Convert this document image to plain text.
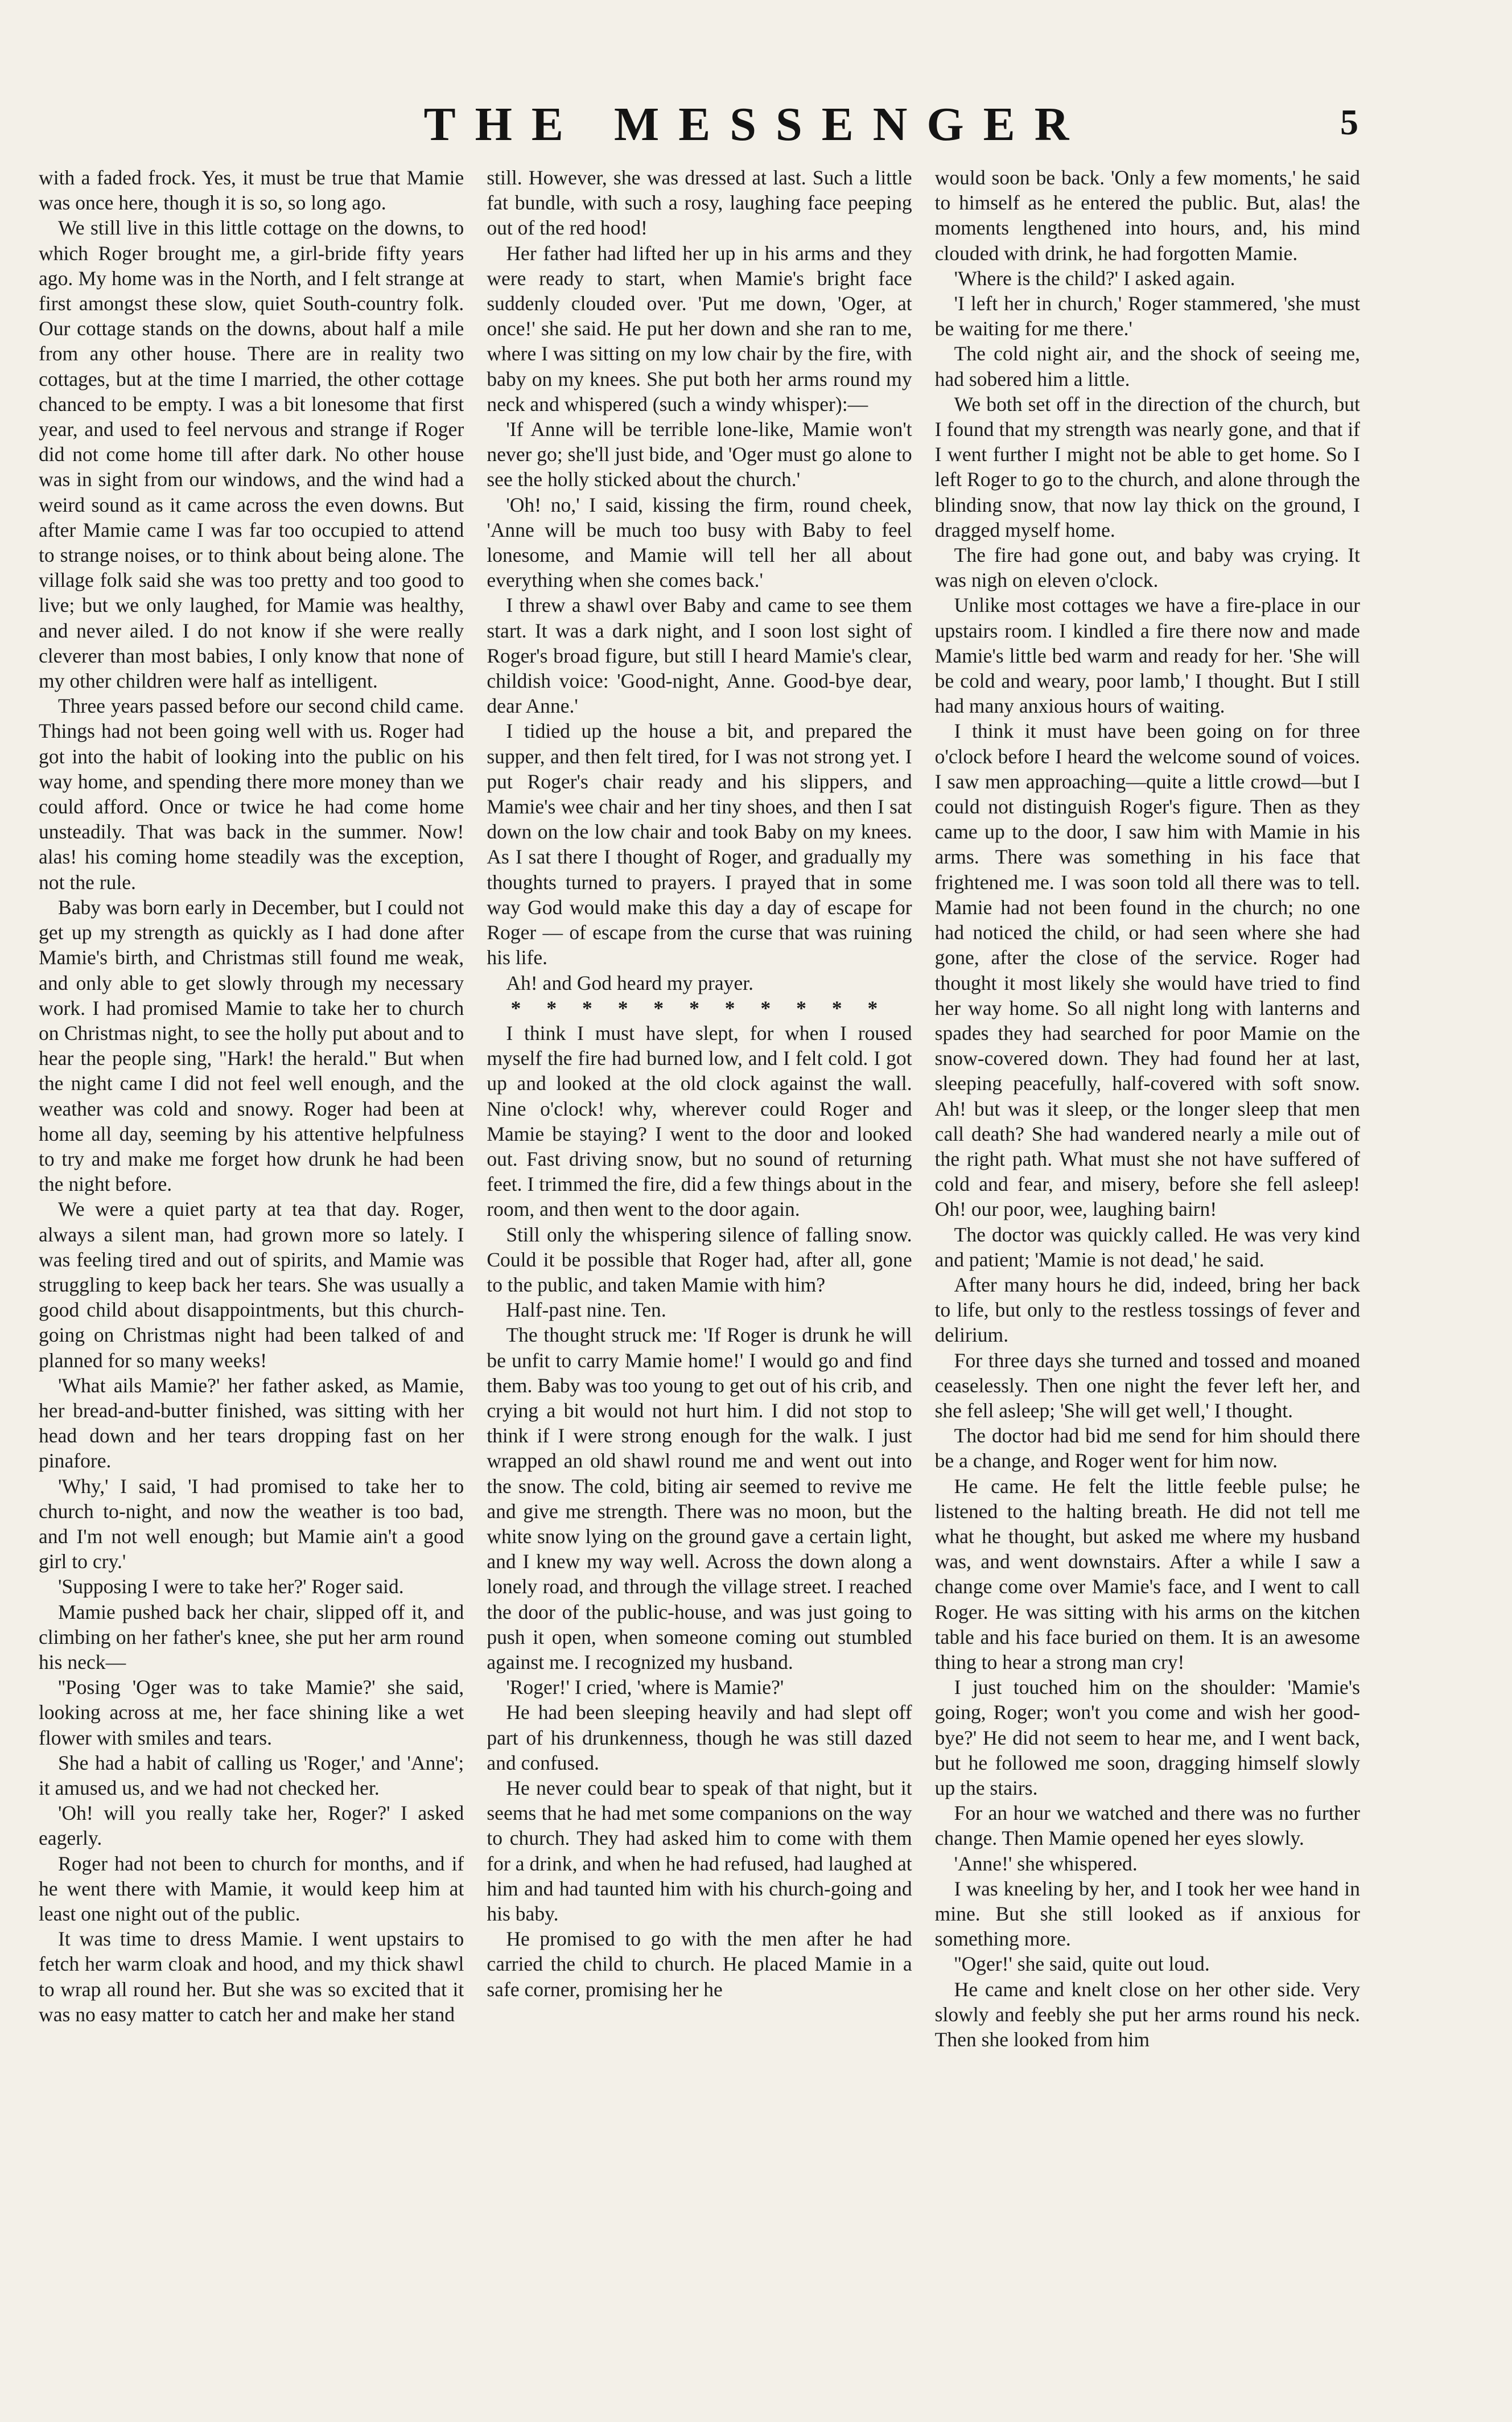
THE MESSENGER	5

with a faded frock. Yes, it must be true that Mamie was once here, though it is so, so long ago.

We still live in this little cottage on the downs, to which Roger brought me, a girl-bride fifty years ago. My home was in the North, and I felt strange at first amongst these slow, quiet South-country folk. Our cottage stands on the downs, about half a mile from any other house. There are in reality two cottages, but at the time I married, the other cottage chanced to be empty. I was a bit lonesome that first year, and used to feel nervous and strange if Roger did not come home till after dark. No other house was in sight from our windows, and the wind had a weird sound as it came across the even downs. But after Mamie came I was far too occupied to attend to strange noises, or to think about being alone. The village folk said she was too pretty and too good to live; but we only laughed, for Mamie was healthy, and never ailed. I do not know if she were really cleverer than most babies, I only know that none of my other children were half as intelligent.

Three years passed before our second child came. Things had not been going well with us. Roger had got into the habit of looking into the public on his way home, and spending there more money than we could afford. Once or twice he had come home unsteadily. That was back in the summer. Now! alas! his coming home steadily was the exception, not the rule.

Baby was born early in December, but I could not get up my strength as quickly as I had done after Mamie's birth, and Christmas still found me weak, and only able to get slowly through my necessary work. I had promised Mamie to take her to church on Christmas night, to see the holly put about and to hear the people sing, "Hark! the herald." But when the night came I did not feel well enough, and the weather was cold and snowy. Roger had been at home all day, seeming by his attentive helpfulness to try and make me forget how drunk he had been the night before.

We were a quiet party at tea that day. Roger, always a silent man, had grown more so lately. I was feeling tired and out of spirits, and Mamie was struggling to keep back her tears. She was usually a good child about disappointments, but this church-going on Christmas night had been talked of and planned for so many weeks!

'What ails Mamie?' her father asked, as Mamie, her bread-and-butter finished, was sitting with her head down and her tears dropping fast on her pinafore.

'Why,' I said, 'I had promised to take her to church to-night, and now the weather is too bad, and I'm not well enough; but Mamie ain't a good girl to cry.'

'Supposing I were to take her?' Roger said.

Mamie pushed back her chair, slipped off it, and climbing on her father's knee, she put her arm round his neck—

''Posing 'Oger was to take Mamie?' she said, looking across at me, her face shining like a wet flower with smiles and tears.

She had a habit of calling us 'Roger,' and 'Anne'; it amused us, and we had not checked her.

'Oh! will you really take her, Roger?' I asked eagerly.

Roger had not been to church for months, and if he went there with Mamie, it would keep him at least one night out of the public.

It was time to dress Mamie. I went upstairs to fetch her warm cloak and hood, and my thick shawl to wrap all round her. But she was so excited that it was no easy matter to catch her and make her stand

still. However, she was dressed at last. Such a little fat bundle, with such a rosy, laughing face peeping out of the red hood!

Her father had lifted her up in his arms and they were ready to start, when Mamie's bright face suddenly clouded over. 'Put me down, 'Oger, at once!' she said. He put her down and she ran to me, where I was sitting on my low chair by the fire, with baby on my knees. She put both her arms round my neck and whispered (such a windy whisper):—

'If Anne will be terrible lone-like, Mamie won't never go; she'll just bide, and 'Oger must go alone to see the holly sticked about the church.'

'Oh! no,' I said, kissing the firm, round cheek, 'Anne will be much too busy with Baby to feel lonesome, and Mamie will tell her all about everything when she comes back.'

I threw a shawl over Baby and came to see them start. It was a dark night, and I soon lost sight of Roger's broad figure, but still I heard Mamie's clear, childish voice: 'Good-night, Anne. Good-bye dear, dear Anne.'

I tidied up the house a bit, and prepared the supper, and then felt tired, for I was not strong yet. I put Roger's chair ready and his slippers, and Mamie's wee chair and her tiny shoes, and then I sat down on the low chair and took Baby on my knees. As I sat there I thought of Roger, and gradually my thoughts turned to prayers. I prayed that in some way God would make this day a day of escape for Roger — of escape from the curse that was ruining his life.

Ah! and God heard my prayer.

* * * * * * * * * * *

I think I must have slept, for when I roused myself the fire had burned low, and I felt cold. I got up and looked at the old clock against the wall. Nine o'clock! why, wherever could Roger and Mamie be staying? I went to the door and looked out. Fast driving snow, but no sound of returning feet. I trimmed the fire, did a few things about in the room, and then went to the door again.

Still only the whispering silence of falling snow. Could it be possible that Roger had, after all, gone to the public, and taken Mamie with him?

Half-past nine. Ten.

The thought struck me: 'If Roger is drunk he will be unfit to carry Mamie home!' I would go and find them. Baby was too young to get out of his crib, and crying a bit would not hurt him. I did not stop to think if I were strong enough for the walk. I just wrapped an old shawl round me and went out into the snow. The cold, biting air seemed to revive me and give me strength. There was no moon, but the white snow lying on the ground gave a certain light, and I knew my way well. Across the down along a lonely road, and through the village street. I reached the door of the public-house, and was just going to push it open, when someone coming out stumbled against me. I recognized my husband.

'Roger!' I cried, 'where is Mamie?'

He had been sleeping heavily and had slept off part of his drunkenness, though he was still dazed and confused.

He never could bear to speak of that night, but it seems that he had met some companions on the way to church. They had asked him to come with them for a drink, and when he had refused, had laughed at him and had taunted him with his church-going and his baby.

He promised to go with the men after he had carried the child to church. He placed Mamie in a safe corner, promising her he

would soon be back. 'Only a few moments,' he said to himself as he entered the public. But, alas! the moments lengthened into hours, and, his mind clouded with drink, he had forgotten Mamie.

'Where is the child?' I asked again.

'I left her in church,' Roger stammered, 'she must be waiting for me there.'

The cold night air, and the shock of seeing me, had sobered him a little.

We both set off in the direction of the church, but I found that my strength was nearly gone, and that if I went further I might not be able to get home. So I left Roger to go to the church, and alone through the blinding snow, that now lay thick on the ground, I dragged myself home.

The fire had gone out, and baby was crying. It was nigh on eleven o'clock.

Unlike most cottages we have a fire-place in our upstairs room. I kindled a fire there now and made Mamie's little bed warm and ready for her. 'She will be cold and weary, poor lamb,' I thought. But I still had many anxious hours of waiting.

I think it must have been going on for three o'clock before I heard the welcome sound of voices. I saw men approaching—quite a little crowd—but I could not distinguish Roger's figure. Then as they came up to the door, I saw him with Mamie in his arms. There was something in his face that frightened me. I was soon told all there was to tell. Mamie had not been found in the church; no one had noticed the child, or had seen where she had gone, after the close of the service. Roger had thought it most likely she would have tried to find her way home. So all night long with lanterns and spades they had searched for poor Mamie on the snow-covered down. They had found her at last, sleeping peacefully, half-covered with soft snow. Ah! but was it sleep, or the longer sleep that men call death? She had wandered nearly a mile out of the right path. What must she not have suffered of cold and fear, and misery, before she fell asleep! Oh! our poor, wee, laughing bairn!

The doctor was quickly called. He was very kind and patient; 'Mamie is not dead,' he said.

After many hours he did, indeed, bring her back to life, but only to the restless tossings of fever and delirium.

For three days she turned and tossed and moaned ceaselessly. Then one night the fever left her, and she fell asleep; 'She will get well,' I thought.

The doctor had bid me send for him should there be a change, and Roger went for him now.

He came. He felt the little feeble pulse; he listened to the halting breath. He did not tell me what he thought, but asked me where my husband was, and went downstairs. After a while I saw a change come over Mamie's face, and I went to call Roger. He was sitting with his arms on the kitchen table and his face buried on them. It is an awesome thing to hear a strong man cry!

I just touched him on the shoulder: 'Mamie's going, Roger; won't you come and wish her good-bye?' He did not seem to hear me, and I went back, but he followed me soon, dragging himself slowly up the stairs.

For an hour we watched and there was no further change. Then Mamie opened her eyes slowly.

'Anne!' she whispered.

I was kneeling by her, and I took her wee hand in mine. But she still looked as if anxious for something more.

''Oger!' she said, quite out loud.

He came and knelt close on her other side. Very slowly and feebly she put her arms round his neck. Then she looked from him
